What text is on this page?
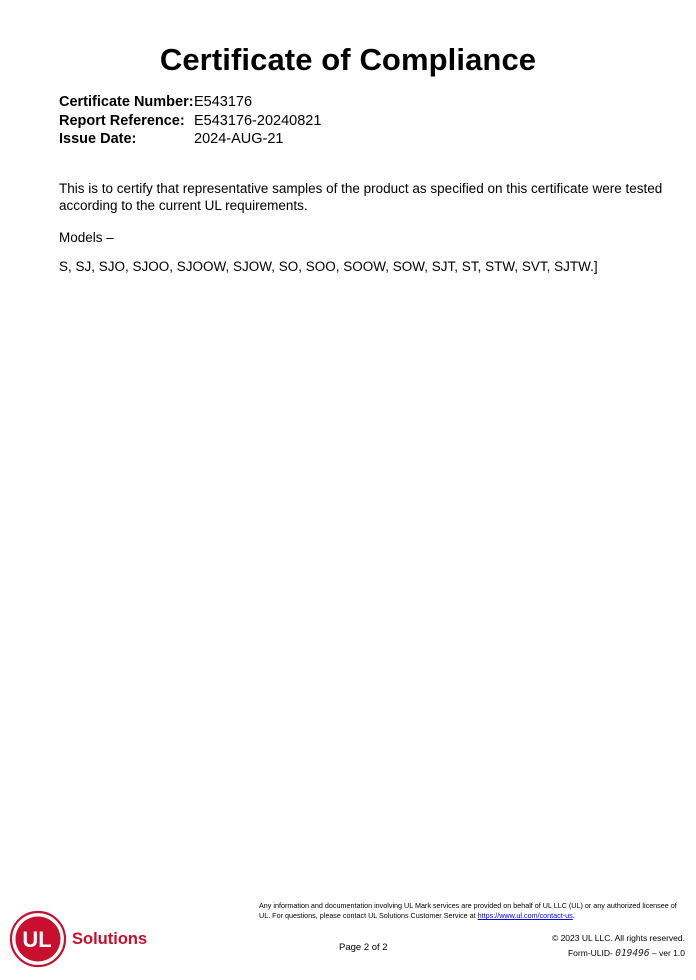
Certificate of Compliance
Certificate Number: E543176
Report Reference: E543176-20240821
Issue Date:	2024-AUG-21
This is to certify that representative samples of the product as specified on this certificate were tested according to the current UL requirements.
Models –
S, SJ, SJO, SJOO, SJOOW, SJOW, SO, SOO, SOOW, SOW, SJT, ST, STW, SVT, SJTW.]
Any information and documentation involving UL Mark services are provided on behalf of UL LLC (UL) or any authorized licensee of UL. For questions, please contact UL Solutions Customer Service at https://www.ul.com/contact-us.
UL Solutions	Page 2 of 2
© 2023 UL LLC. All rights reserved.
Form-ULID- 019496 – ver 1.0
